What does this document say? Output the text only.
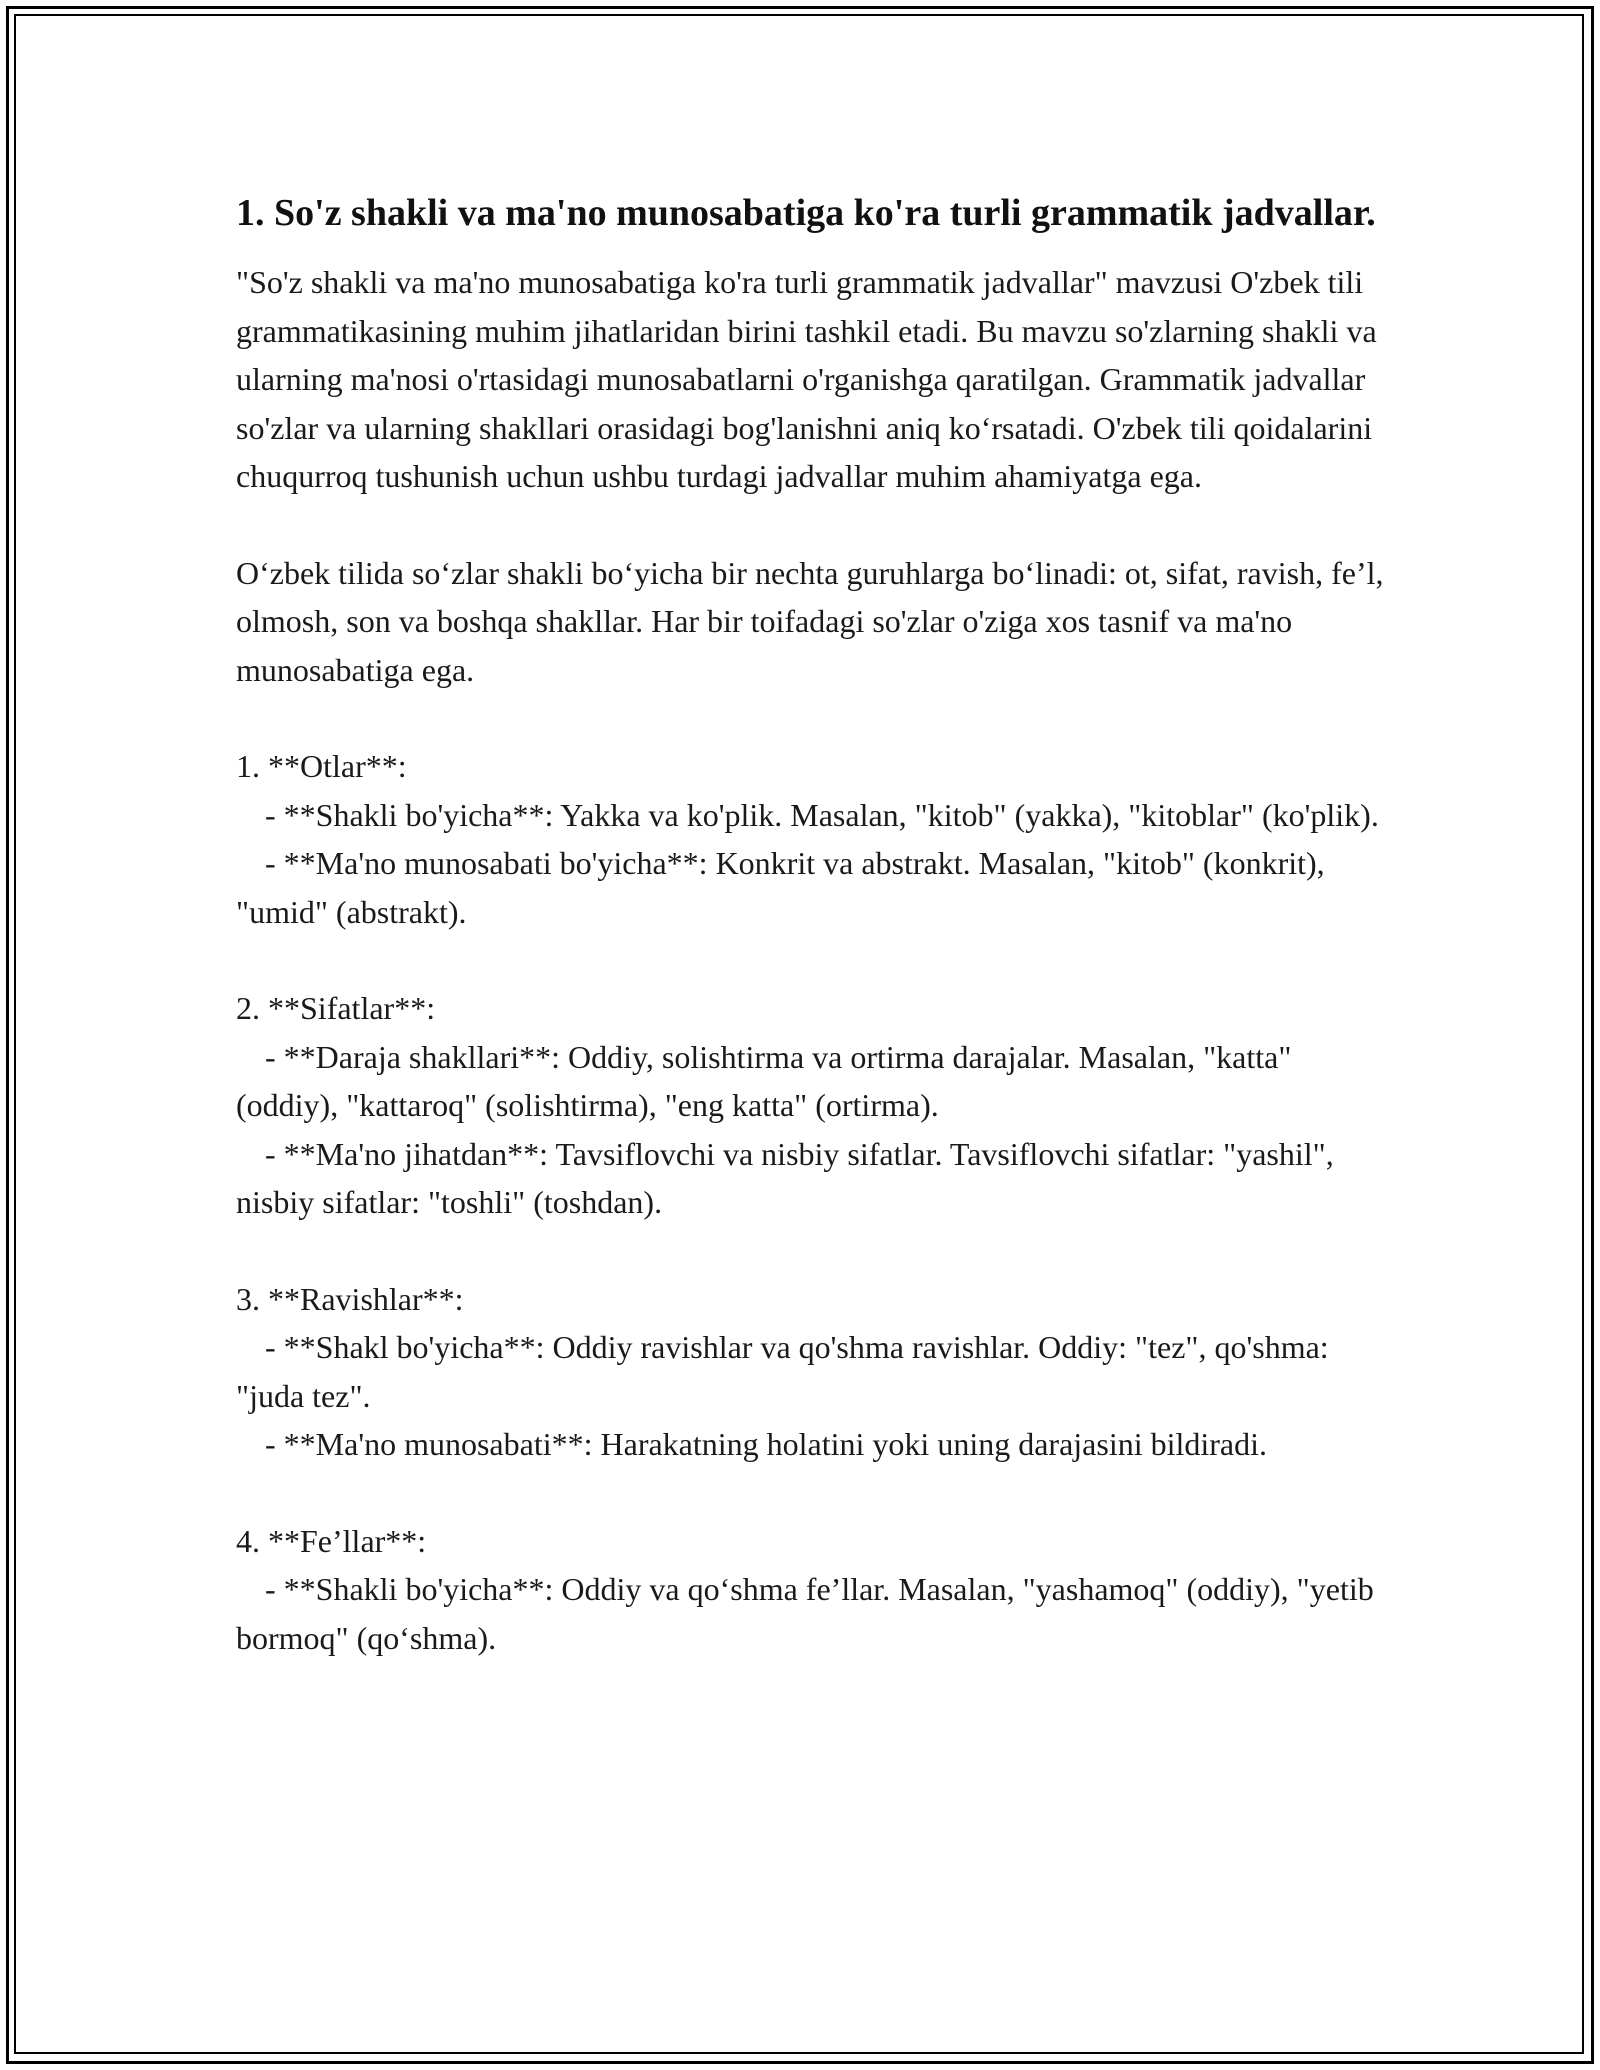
1. So'z shakli va ma'no munosabatiga ko'ra turli grammatik jadvallar.

"So'z shakli va ma'no munosabatiga ko'ra turli grammatik jadvallar" mavzusi O'zbek tili grammatikasining muhim jihatlaridan birini tashkil etadi. Bu mavzu so'zlarning shakli va ularning ma'nosi o'rtasidagi munosabatlarni o'rganishga qaratilgan. Grammatik jadvallar so'zlar va ularning shakllari orasidagi bog'lanishni aniq ko‘rsatadi. O'zbek tili qoidalarini chuqurroq tushunish uchun ushbu turdagi jadvallar muhim ahamiyatga ega.

O‘zbek tilida so‘zlar shakli bo‘yicha bir nechta guruhlarga bo‘linadi: ot, sifat, ravish, fe’l, olmosh, son va boshqa shakllar. Har bir toifadagi so'zlar o'ziga xos tasnif va ma'no munosabatiga ega.

1. **Otlar**:
- **Shakli bo'yicha**: Yakka va ko'plik. Masalan, "kitob" (yakka), "kitoblar" (ko'plik).
- **Ma'no munosabati bo'yicha**: Konkrit va abstrakt. Masalan, "kitob" (konkrit), "umid" (abstrakt).
2. **Sifatlar**:
- **Daraja shakllari**: Oddiy, solishtirma va ortirma darajalar. Masalan, "katta" (oddiy), "kattaroq" (solishtirma), "eng katta" (ortirma).
- **Ma'no jihatdan**: Tavsiflovchi va nisbiy sifatlar. Tavsiflovchi sifatlar: "yashil", nisbiy sifatlar: "toshli" (toshdan).
3. **Ravishlar**:
- **Shakl bo'yicha**: Oddiy ravishlar va qo'shma ravishlar. Oddiy: "tez", qo'shma: "juda tez".
- **Ma'no munosabati**: Harakatning holatini yoki uning darajasini bildiradi.
4. **Fe’llar**:
- **Shakli bo'yicha**: Oddiy va qo‘shma fe’llar. Masalan, "yashamoq" (oddiy), "yetib bormoq" (qo‘shma).
